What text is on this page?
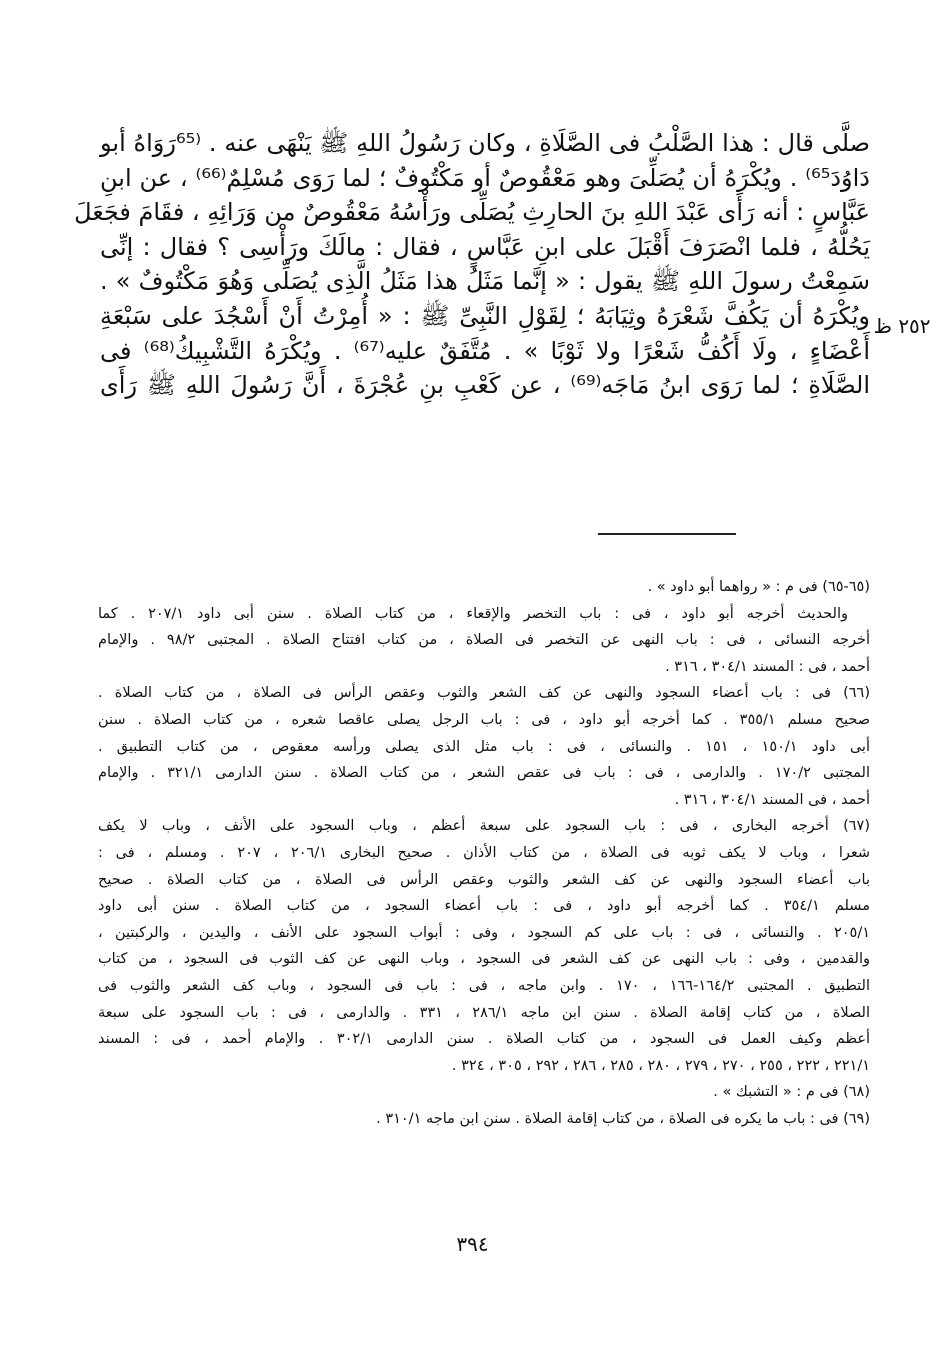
صلَّى قال : هذا الصَّلْبُ فى الصَّلَاةِ ، وكان رَسُولُ اللهِ ﷺ يَنْهَى عنه . ⁽⁶⁵رَوَاهُ أبو
دَاوُدَ⁶⁵⁾ . ويُكْرَهُ أن يُصَلِّىَ وهو مَعْقُوصٌ أو مَكْتُوفٌ ؛ لما رَوَى مُسْلِمٌ⁽⁶⁶⁾ ، عن ابنِ
عَبَّاسٍ : أنه رَأَى عَبْدَ اللهِ بنَ الحارِثِ يُصَلِّى ورَأْسُهُ مَعْقُوصٌ من وَرَائِهِ ، فقَامَ فجَعَلَ
يَحُلُّهُ ، فلما انْصَرَفَ أَقْبَلَ على ابنِ عَبَّاسٍ ، فقال : مالَكَ ورَأْسِى ؟ فقال : إنِّى
سَمِعْتُ رسولَ اللهِ ﷺ يقول : « إنَّما مَثَلُ هذا مَثَلُ الَّذِى يُصَلِّى وَهُوَ مَكْتُوفٌ » .
ويُكْرَهُ أن يَكُفَّ شَعْرَهُ وثِيَابَهُ ؛ لِقَوْلِ النَّبِىِّ ﷺ : « أُمِرْتُ أَنْ أَسْجُدَ على سَبْعَةِ
أَعْضَاءٍ ، ولَا أَكُفُّ شَعْرًا ولا ثَوْبًا » . مُتَّفَقٌ عليه⁽⁶⁷⁾ . ويُكْرَهُ التَّشْبِيكُ⁽⁶⁸⁾ فى
الصَّلَاةِ ؛ لما رَوَى ابنُ مَاجَه⁽⁶⁹⁾ ، عن كَعْبِ بنِ عُجْرَةَ ، أَنَّ رَسُولَ اللهِ ﷺ رَأَى
٢٥٢ ظ
(٦٥-٦٥) فى م : « رواهما أبو داود » .
والحديث أخرجه أبو داود ، فى : باب التخصر والإقعاء ، من كتاب الصلاة . سنن أبى داود ٢٠٧/١ . كما
أخرجه النسائى ، فى : باب النهى عن التخصر فى الصلاة ، من كتاب افتتاح الصلاة . المجتبى ٩٨/٢ . والإمام
أحمد ، فى : المسند ٣٠٤/١ ، ٣١٦ .
(٦٦) فى : باب أعضاء السجود والنهى عن كف الشعر والثوب وعقص الرأس فى الصلاة ، من كتاب الصلاة .
صحيح مسلم ٣٥٥/١ . كما أخرجه أبو داود ، فى : باب الرجل يصلى عاقصا شعره ، من كتاب الصلاة . سنن
أبى داود ١٥٠/١ ، ١٥١ . والنسائى ، فى : باب مثل الذى يصلى ورأسه معقوص ، من كتاب التطبيق .
المجتبى ١٧٠/٢ . والدارمى ، فى : باب فى عقص الشعر ، من كتاب الصلاة . سنن الدارمى ٣٢١/١ . والإمام
أحمد ، فى المسند ٣٠٤/١ ، ٣١٦ .
(٦٧) أخرجه البخارى ، فى : باب السجود على سبعة أعظم ، وباب السجود على الأنف ، وباب لا يكف
شعرا ، وباب لا يكف ثوبه فى الصلاة ، من كتاب الأذان . صحيح البخارى ٢٠٦/١ ، ٢٠٧ . ومسلم ، فى :
باب أعضاء السجود والنهى عن كف الشعر والثوب وعقص الرأس فى الصلاة ، من كتاب الصلاة . صحيح
مسلم ٣٥٤/١ . كما أخرجه أبو داود ، فى : باب أعضاء السجود ، من كتاب الصلاة . سنن أبى داود
٢٠٥/١ . والنسائى ، فى : باب على كم السجود ، وفى : أبواب السجود على الأنف ، واليدين ، والركبتين ،
والقدمين ، وفى : باب النهى عن كف الشعر فى السجود ، وباب النهى عن كف الثوب فى السجود ، من كتاب
التطبيق . المجتبى ١٦٤/٢-١٦٦ ، ١٧٠ . وابن ماجه ، فى : باب فى السجود ، وباب كف الشعر والثوب فى
الصلاة ، من كتاب إقامة الصلاة . سنن ابن ماجه ٢٨٦/١ ، ٣٣١ . والدارمى ، فى : باب السجود على سبعة
أعظم وكيف العمل فى السجود ، من كتاب الصلاة . سنن الدارمى ٣٠٢/١ . والإمام أحمد ، فى : المسند
٢٢١/١ ، ٢٢٢ ، ٢٥٥ ، ٢٧٠ ، ٢٧٩ ، ٢٨٠ ، ٢٨٥ ، ٢٨٦ ، ٢٩٢ ، ٣٠٥ ، ٣٢٤ .
(٦٨) فى م : « التشبك » .
(٦٩) فى : باب ما يكره فى الصلاة ، من كتاب إقامة الصلاة . سنن ابن ماجه ٣١٠/١ .
٣٩٤
